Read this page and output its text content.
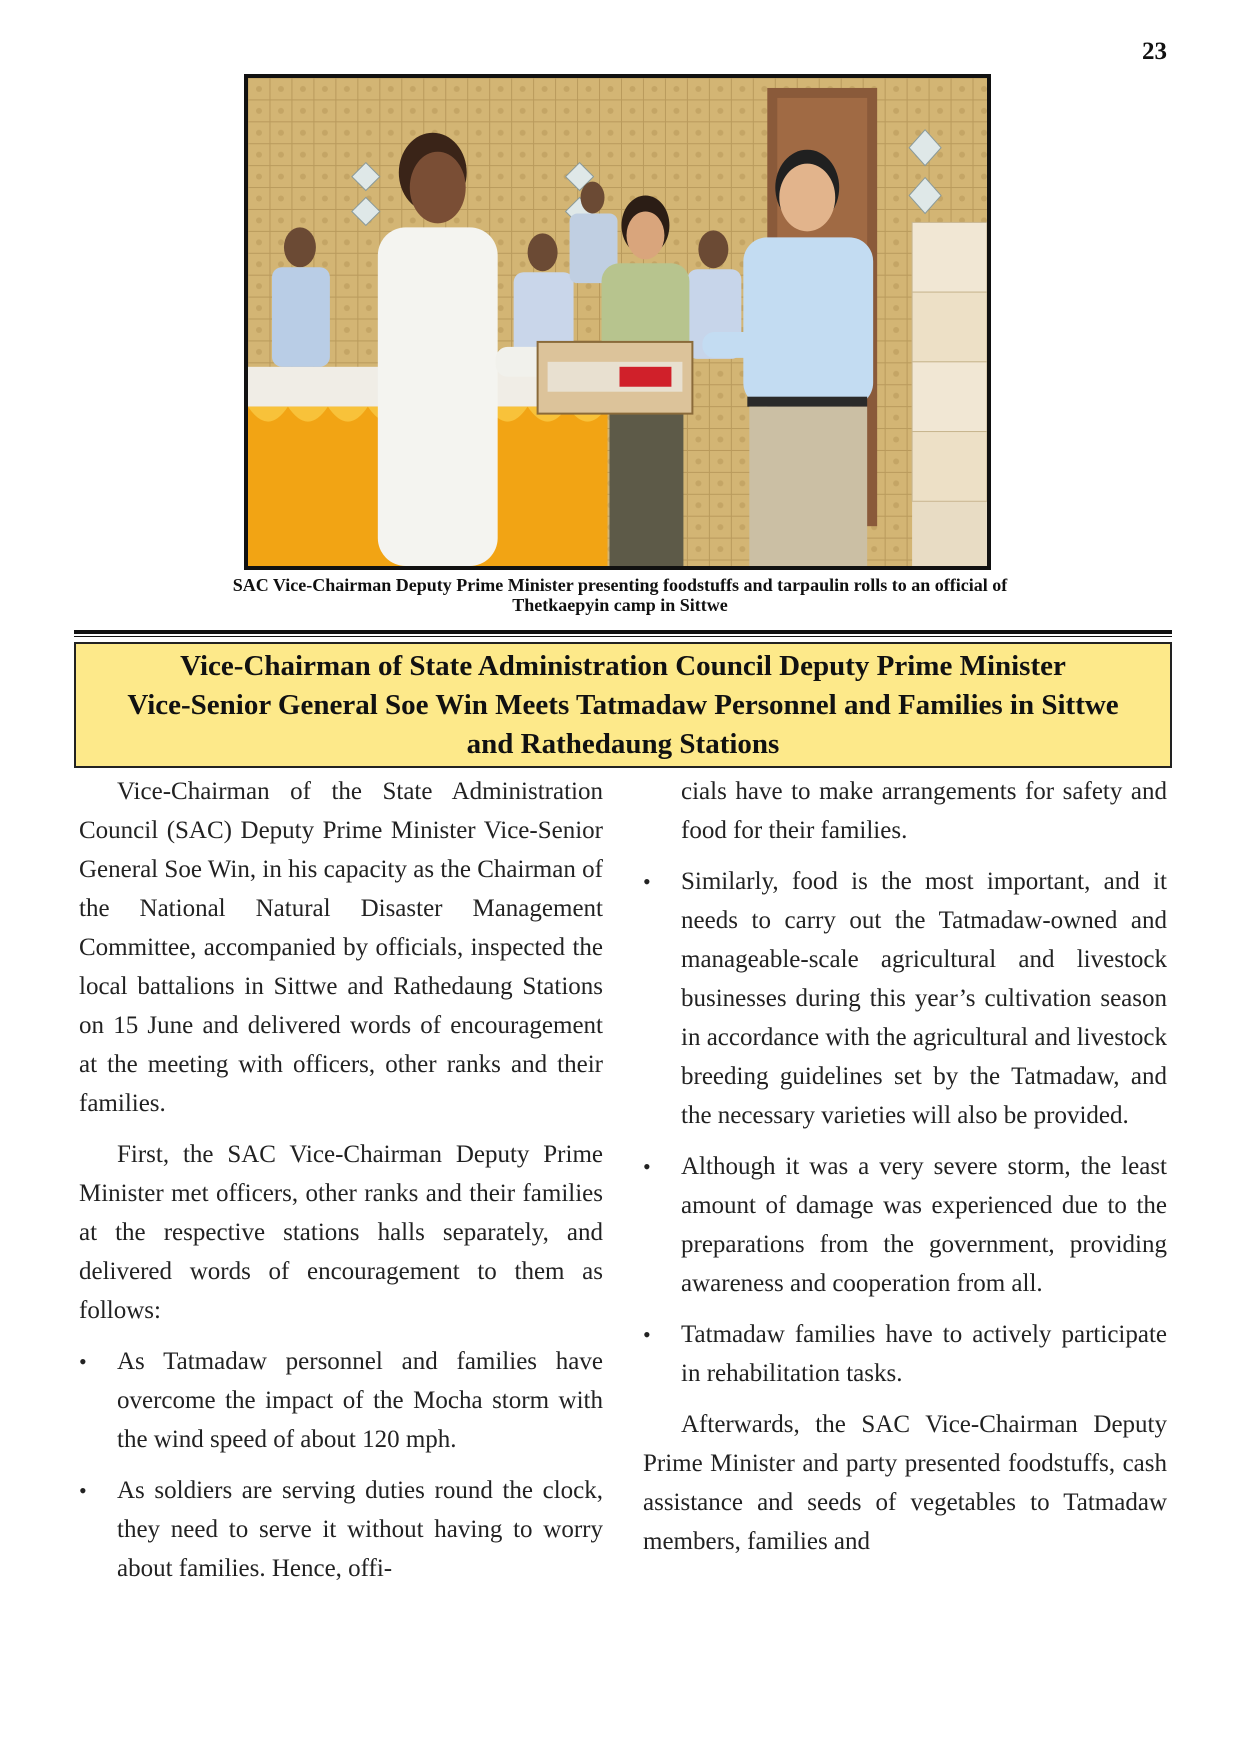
23
SAC Vice-Chairman Deputy Prime Minister presenting foodstuffs and tarpaulin rolls to an official of
Thetkaepyin camp in Sittwe
Vice-Chairman of State Administration Council Deputy Prime Minister
Vice-Senior General Soe Win Meets Tatmadaw Personnel and Families in Sittwe
and Rathedaung Stations

Vice-Chairman of the State Administration Council (SAC) Deputy Prime Minister Vice-Senior General Soe Win, in his capacity as the Chairman of the National Natural Disaster Management Committee, accompanied by officials, inspected the local battalions in Sittwe and Rathedaung Stations on 15 June and delivered words of encouragement at the meeting with officers, other ranks and their families.

First, the SAC Vice-Chairman Deputy Prime Minister met officers, other ranks and their families at the respective stations halls separately, and delivered words of encouragement to them as follows:

• As Tatmadaw personnel and families have overcome the impact of the Mocha storm with the wind speed of about 120 mph.
• As soldiers are serving duties round the clock, they need to serve it without having to worry about families. Hence, offi-
cials have to make arrangements for safety and food for their families.
• Similarly, food is the most important, and it needs to carry out the Tatmadaw-owned and manageable-scale agricultural and livestock businesses during this year’s cultivation season in accordance with the agricultural and livestock breeding guidelines set by the Tatmadaw, and the necessary varieties will also be provided.
• Although it was a very severe storm, the least amount of damage was experienced due to the preparations from the government, providing awareness and cooperation from all.
• Tatmadaw families have to actively participate in rehabilitation tasks.

Afterwards, the SAC Vice-Chairman Deputy Prime Minister and party presented foodstuffs, cash assistance and seeds of vegetables to Tatmadaw members, families and
